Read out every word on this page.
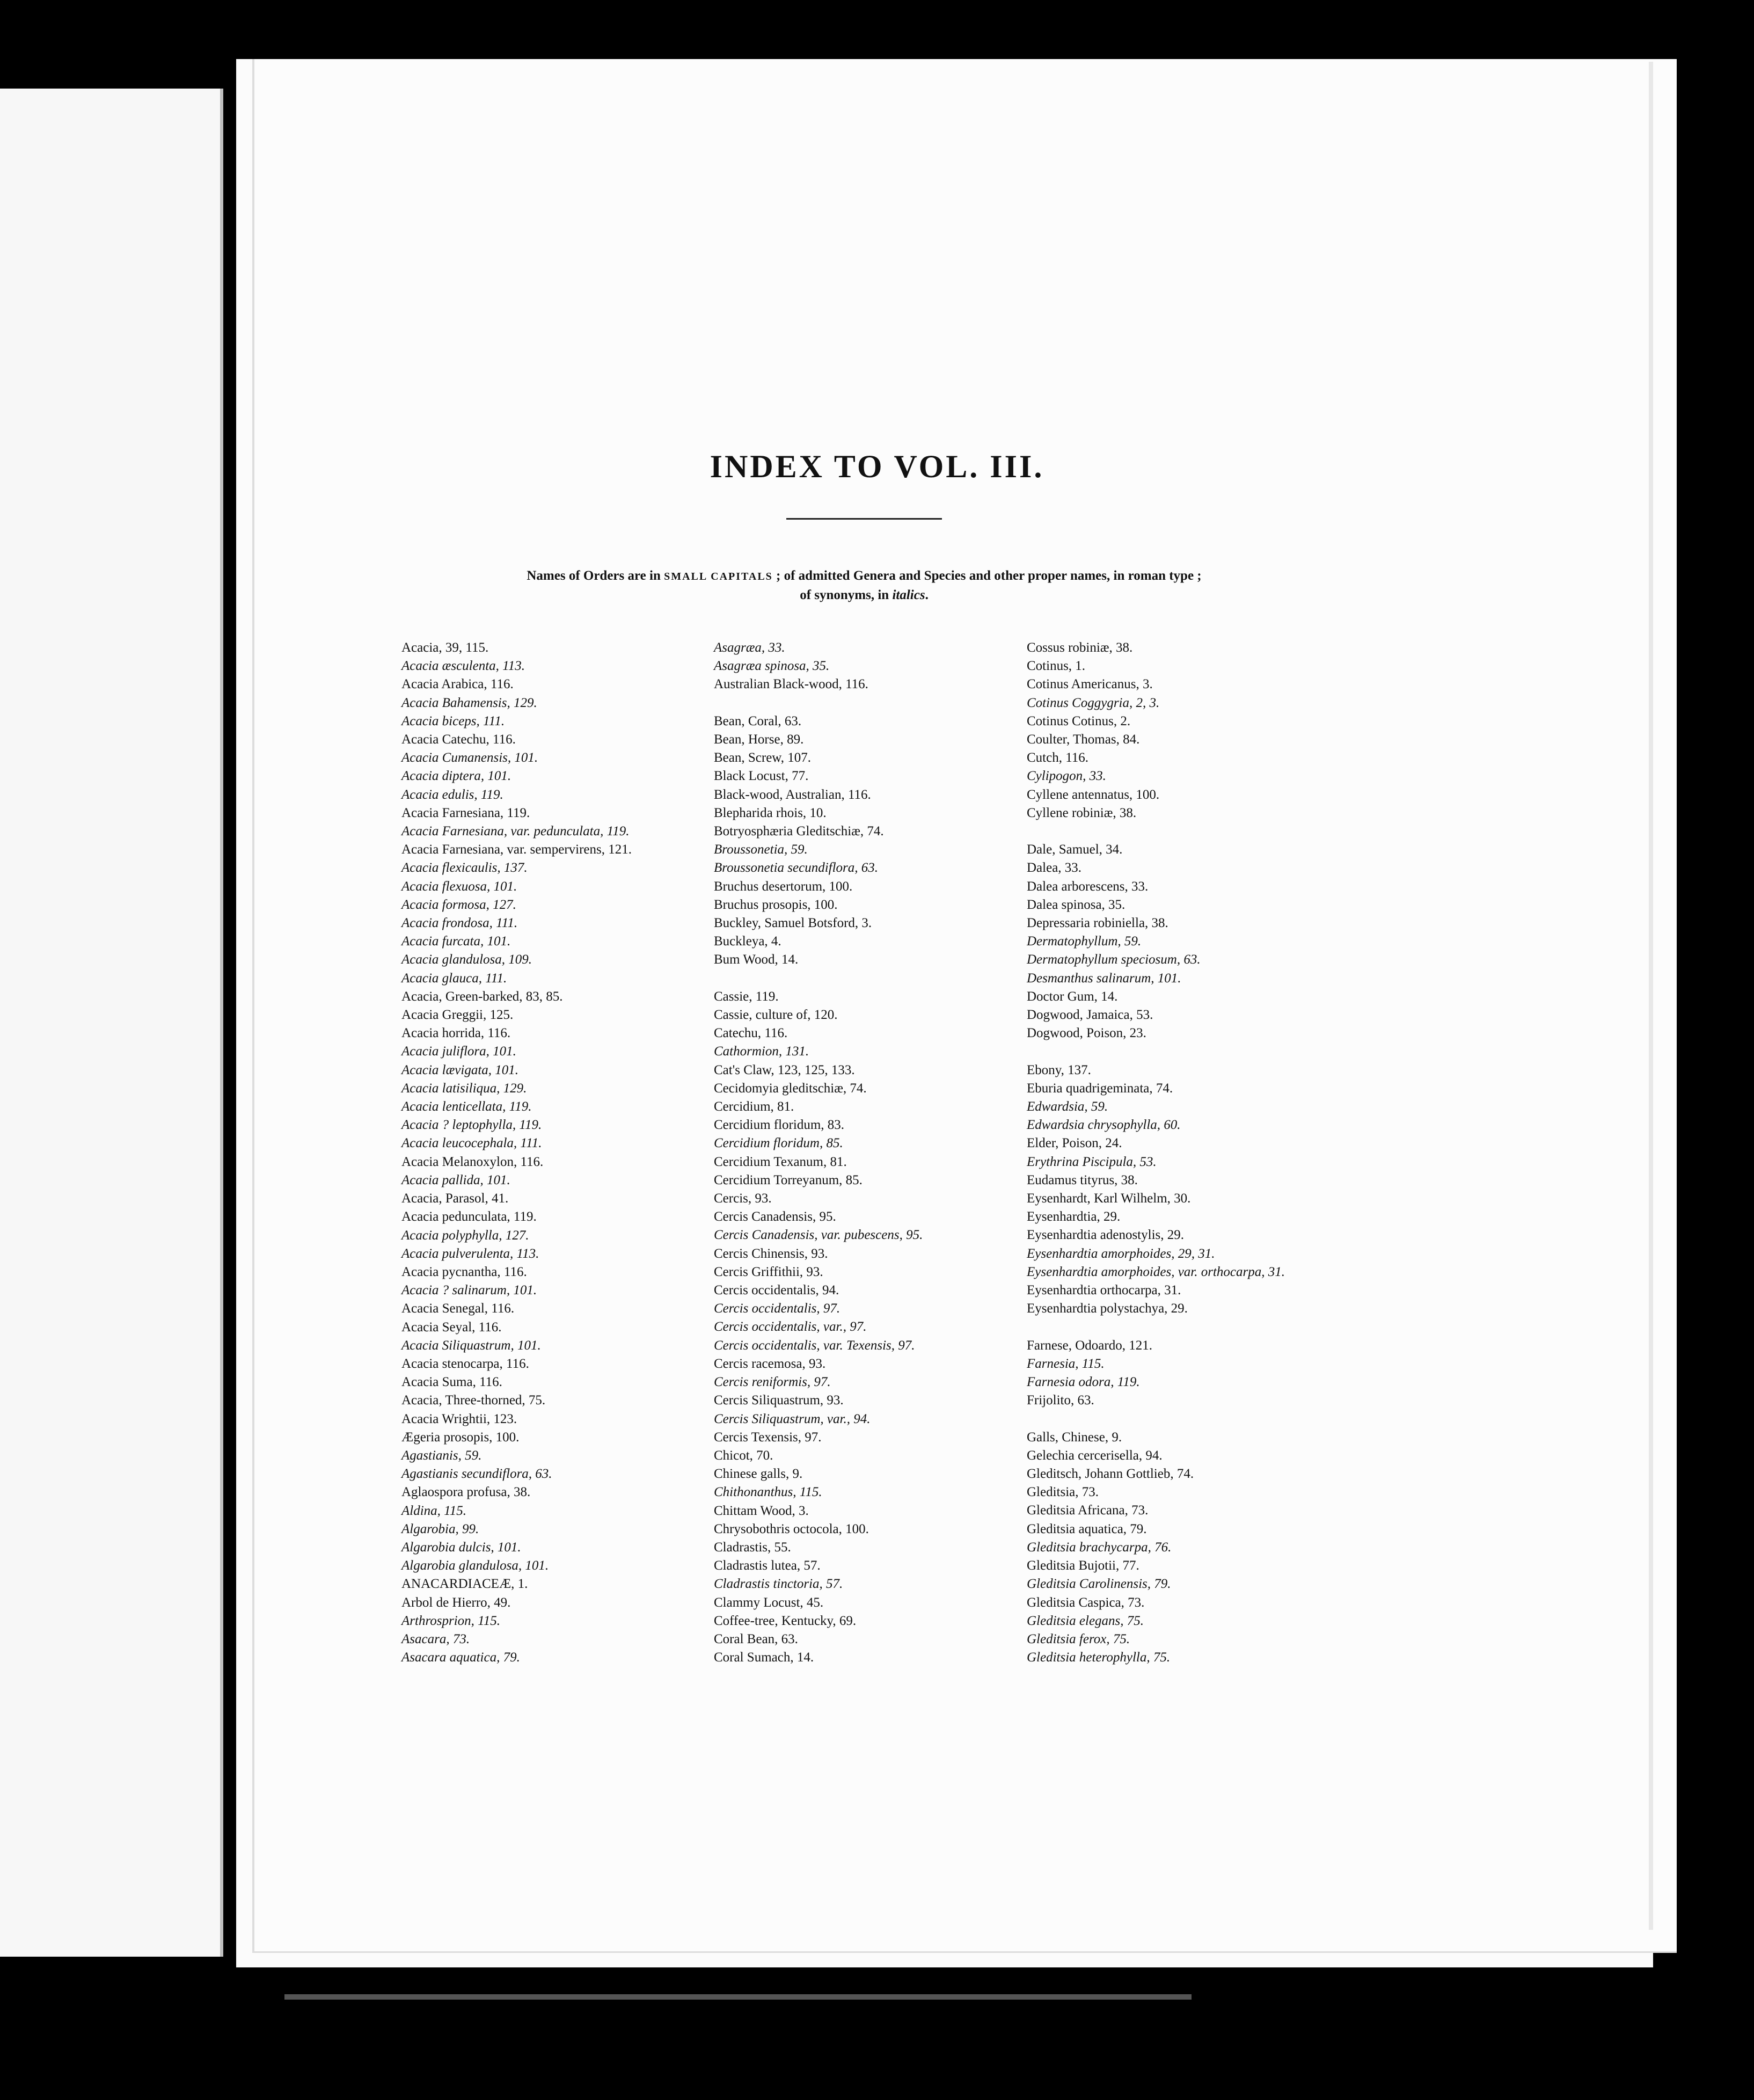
INDEX TO VOL. III.
Names of Orders are in SMALL CAPITALS ; of admitted Genera and Species and other proper names, in roman type ;
of synonyms, in italics.
Acacia, 39, 115.
Acacia æsculenta, 113.
Acacia Arabica, 116.
Acacia Bahamensis, 129.
Acacia biceps, 111.
Acacia Catechu, 116.
Acacia Cumanensis, 101.
Acacia diptera, 101.
Acacia edulis, 119.
Acacia Farnesiana, 119.
Acacia Farnesiana, var. pedunculata, 119.
Acacia Farnesiana, var. sempervirens, 121.
Acacia flexicaulis, 137.
Acacia flexuosa, 101.
Acacia formosa, 127.
Acacia frondosa, 111.
Acacia furcata, 101.
Acacia glandulosa, 109.
Acacia glauca, 111.
Acacia, Green-barked, 83, 85.
Acacia Greggii, 125.
Acacia horrida, 116.
Acacia juliflora, 101.
Acacia lævigata, 101.
Acacia latisiliqua, 129.
Acacia lenticellata, 119.
Acacia ? leptophylla, 119.
Acacia leucocephala, 111.
Acacia Melanoxylon, 116.
Acacia pallida, 101.
Acacia, Parasol, 41.
Acacia pedunculata, 119.
Acacia polyphylla, 127.
Acacia pulverulenta, 113.
Acacia pycnantha, 116.
Acacia ? salinarum, 101.
Acacia Senegal, 116.
Acacia Seyal, 116.
Acacia Siliquastrum, 101.
Acacia stenocarpa, 116.
Acacia Suma, 116.
Acacia, Three-thorned, 75.
Acacia Wrightii, 123.
Ægeria prosopis, 100.
Agastianis, 59.
Agastianis secundiflora, 63.
Aglaospora profusa, 38.
Aldina, 115.
Algarobia, 99.
Algarobia dulcis, 101.
Algarobia glandulosa, 101.
ANACARDIACEÆ, 1.
Arbol de Hierro, 49.
Arthrosprion, 115.
Asacara, 73.
Asacara aquatica, 79.
Asagræa, 33.
Asagræa spinosa, 35.
Australian Black-wood, 116.
Bean, Coral, 63.
Bean, Horse, 89.
Bean, Screw, 107.
Black Locust, 77.
Black-wood, Australian, 116.
Blepharida rhois, 10.
Botryosphæria Gleditschiæ, 74.
Broussonetia, 59.
Broussonetia secundiflora, 63.
Bruchus desertorum, 100.
Bruchus prosopis, 100.
Buckley, Samuel Botsford, 3.
Buckleya, 4.
Bum Wood, 14.
Cassie, 119.
Cassie, culture of, 120.
Catechu, 116.
Cathormion, 131.
Cat's Claw, 123, 125, 133.
Cecidomyia gleditschiæ, 74.
Cercidium, 81.
Cercidium floridum, 83.
Cercidium floridum, 85.
Cercidium Texanum, 81.
Cercidium Torreyanum, 85.
Cercis, 93.
Cercis Canadensis, 95.
Cercis Canadensis, var. pubescens, 95.
Cercis Chinensis, 93.
Cercis Griffithii, 93.
Cercis occidentalis, 94.
Cercis occidentalis, 97.
Cercis occidentalis, var., 97.
Cercis occidentalis, var. Texensis, 97.
Cercis racemosa, 93.
Cercis reniformis, 97.
Cercis Siliquastrum, 93.
Cercis Siliquastrum, var., 94.
Cercis Texensis, 97.
Chicot, 70.
Chinese galls, 9.
Chithonanthus, 115.
Chittam Wood, 3.
Chrysobothris octocola, 100.
Cladrastis, 55.
Cladrastis lutea, 57.
Cladrastis tinctoria, 57.
Clammy Locust, 45.
Coffee-tree, Kentucky, 69.
Coral Bean, 63.
Coral Sumach, 14.
Cossus robiniæ, 38.
Cotinus, 1.
Cotinus Americanus, 3.
Cotinus Coggygria, 2, 3.
Cotinus Cotinus, 2.
Coulter, Thomas, 84.
Cutch, 116.
Cylipogon, 33.
Cyllene antennatus, 100.
Cyllene robiniæ, 38.
Dale, Samuel, 34.
Dalea, 33.
Dalea arborescens, 33.
Dalea spinosa, 35.
Depressaria robiniella, 38.
Dermatophyllum, 59.
Dermatophyllum speciosum, 63.
Desmanthus salinarum, 101.
Doctor Gum, 14.
Dogwood, Jamaica, 53.
Dogwood, Poison, 23.
Ebony, 137.
Eburia quadrigeminata, 74.
Edwardsia, 59.
Edwardsia chrysophylla, 60.
Elder, Poison, 24.
Erythrina Piscipula, 53.
Eudamus tityrus, 38.
Eysenhardt, Karl Wilhelm, 30.
Eysenhardtia, 29.
Eysenhardtia adenostylis, 29.
Eysenhardtia amorphoides, 29, 31.
Eysenhardtia amorphoides, var. orthocarpa, 31.
Eysenhardtia orthocarpa, 31.
Eysenhardtia polystachya, 29.
Farnese, Odoardo, 121.
Farnesia, 115.
Farnesia odora, 119.
Frijolito, 63.
Galls, Chinese, 9.
Gelechia cercerisella, 94.
Gleditsch, Johann Gottlieb, 74.
Gleditsia, 73.
Gleditsia Africana, 73.
Gleditsia aquatica, 79.
Gleditsia brachycarpa, 76.
Gleditsia Bujotii, 77.
Gleditsia Carolinensis, 79.
Gleditsia Caspica, 73.
Gleditsia elegans, 75.
Gleditsia ferox, 75.
Gleditsia heterophylla, 75.
